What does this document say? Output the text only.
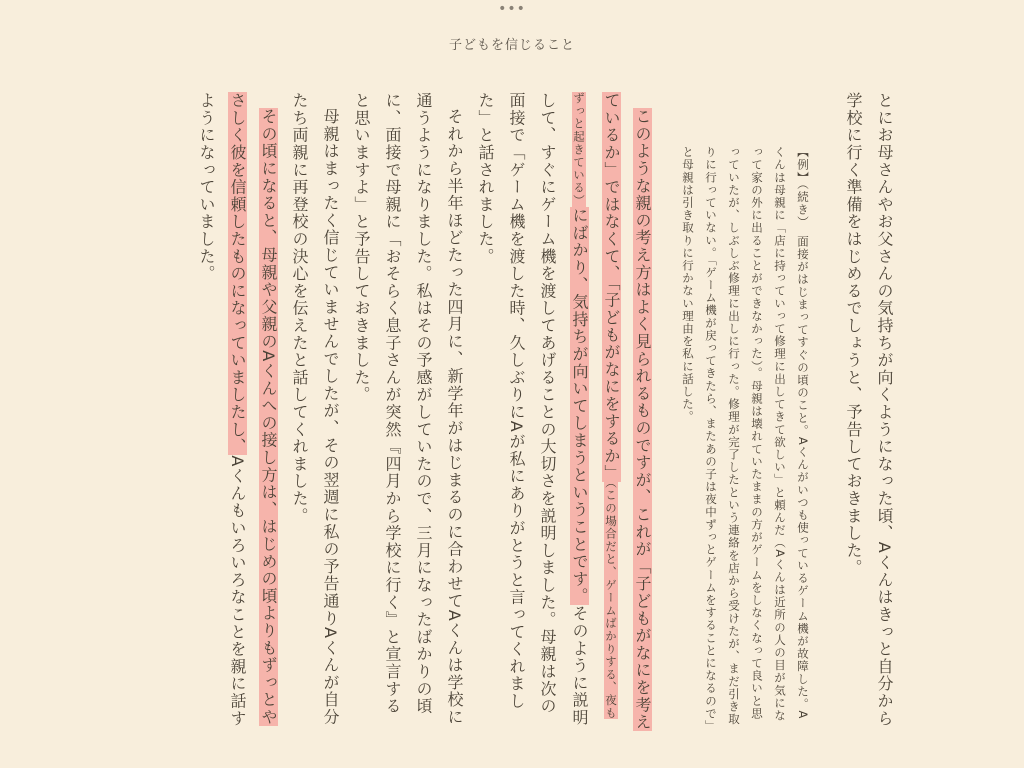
•••
子どもを信じること

とにお母さんやお父さんの気持ちが向くようになった頃、Aくんはきっと自分から学校に行く準備をはじめるでしょうと、予告しておきました。

【例】（続き）　面接がはじまってすぐの頃のこと。Aくんがいつも使っているゲーム機が故障した。Aくんは母親に「店に持っていって修理に出してきて欲しい」と頼んだ（Aくんは近所の人の目が気になって家の外に出ることができなかった）。母親は壊れていたままの方がゲームをしなくなって良いと思っていたが、しぶしぶ修理に出しに行った。修理が完了したという連絡を店から受けたが、まだ引き取りに行っていない。「ゲーム機が戻ってきたら、またあの子は夜中ずっとゲームをすることになるので」と母親は引き取りに行かない理由を私に話した。

このような親の考え方はよく見られるものですが、これが「子どもがなにを考えているか」ではなくて、「子どもがなにをするか」（この場合だと、ゲームばかりする、夜もずっと起きている）にばかり、気持ちが向いてしまうということです。そのように説明して、すぐにゲーム機を渡してあげることの大切さを説明しました。母親は次の面接で「ゲーム機を渡した時、久しぶりにAが私にありがとうと言ってくれました」と話されました。

それから半年ほどたった四月に、新学年がはじまるのに合わせてAくんは学校に通うようになりました。私はその予感がしていたので、三月になったばかりの頃に、面接で母親に「おそらく息子さんが突然『四月から学校に行く』と宣言すると思いますよ」と予告しておきました。

母親はまったく信じていませんでしたが、その翌週に私の予告通りAくんが自分たち両親に再登校の決心を伝えたと話してくれました。

その頃になると、母親や父親のAくんへの接し方は、はじめの頃よりもずっとやさしく彼を信頼したものになっていましたし、Aくんもいろいろなことを親に話すようになっていました。
